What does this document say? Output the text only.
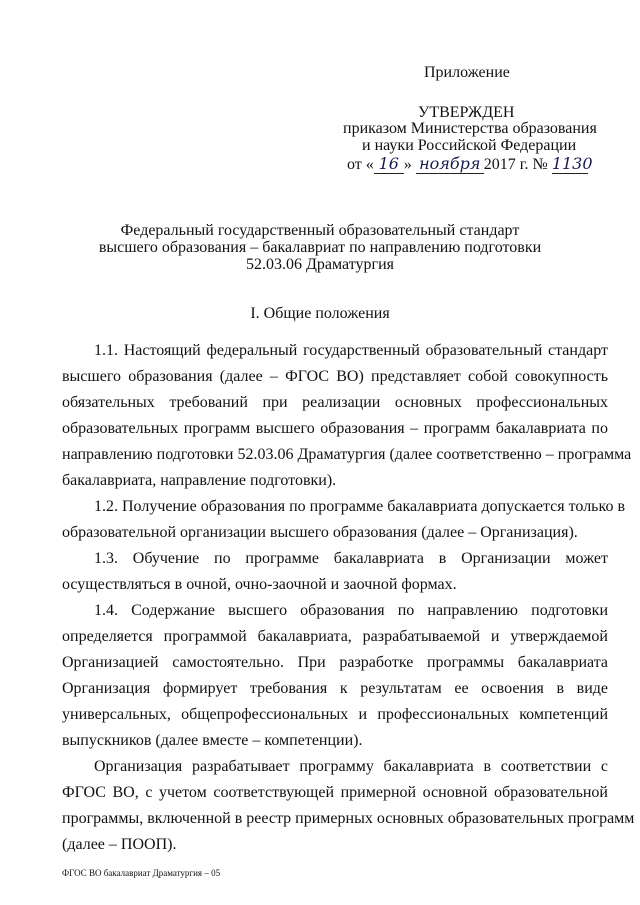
Приложение
УТВЕРЖДЕН
приказом Министерства образования
и науки Российской Федерации
от « 16 » ноября 2017 г. № 1130
Федеральный государственный образовательный стандарт
высшего образования – бакалавриат по направлению подготовки
52.03.06 Драматургия
I. Общие положения
1.1. Настоящий федеральный государственный образовательный стандарт
высшего образования (далее – ФГОС ВО) представляет собой совокупность
обязательных требований при реализации основных профессиональных
образовательных программ высшего образования – программ бакалавриата по
направлению подготовки 52.03.06 Драматургия (далее соответственно – программа
бакалавриата, направление подготовки).
1.2. Получение образования по программе бакалавриата допускается только в
образовательной организации высшего образования (далее – Организация).
1.3. Обучение по программе бакалавриата в Организации может
осуществляться в очной, очно-заочной и заочной формах.
1.4. Содержание высшего образования по направлению подготовки
определяется программой бакалавриата, разрабатываемой и утверждаемой
Организацией самостоятельно. При разработке программы бакалавриата
Организация формирует требования к результатам ее освоения в виде
универсальных, общепрофессиональных и профессиональных компетенций
выпускников (далее вместе – компетенции).
Организация разрабатывает программу бакалавриата в соответствии с
ФГОС ВО, с учетом соответствующей примерной основной образовательной
программы, включенной в реестр примерных основных образовательных программ
(далее – ПООП).
ФГОС ВО бакалавриат Драматургия – 05
